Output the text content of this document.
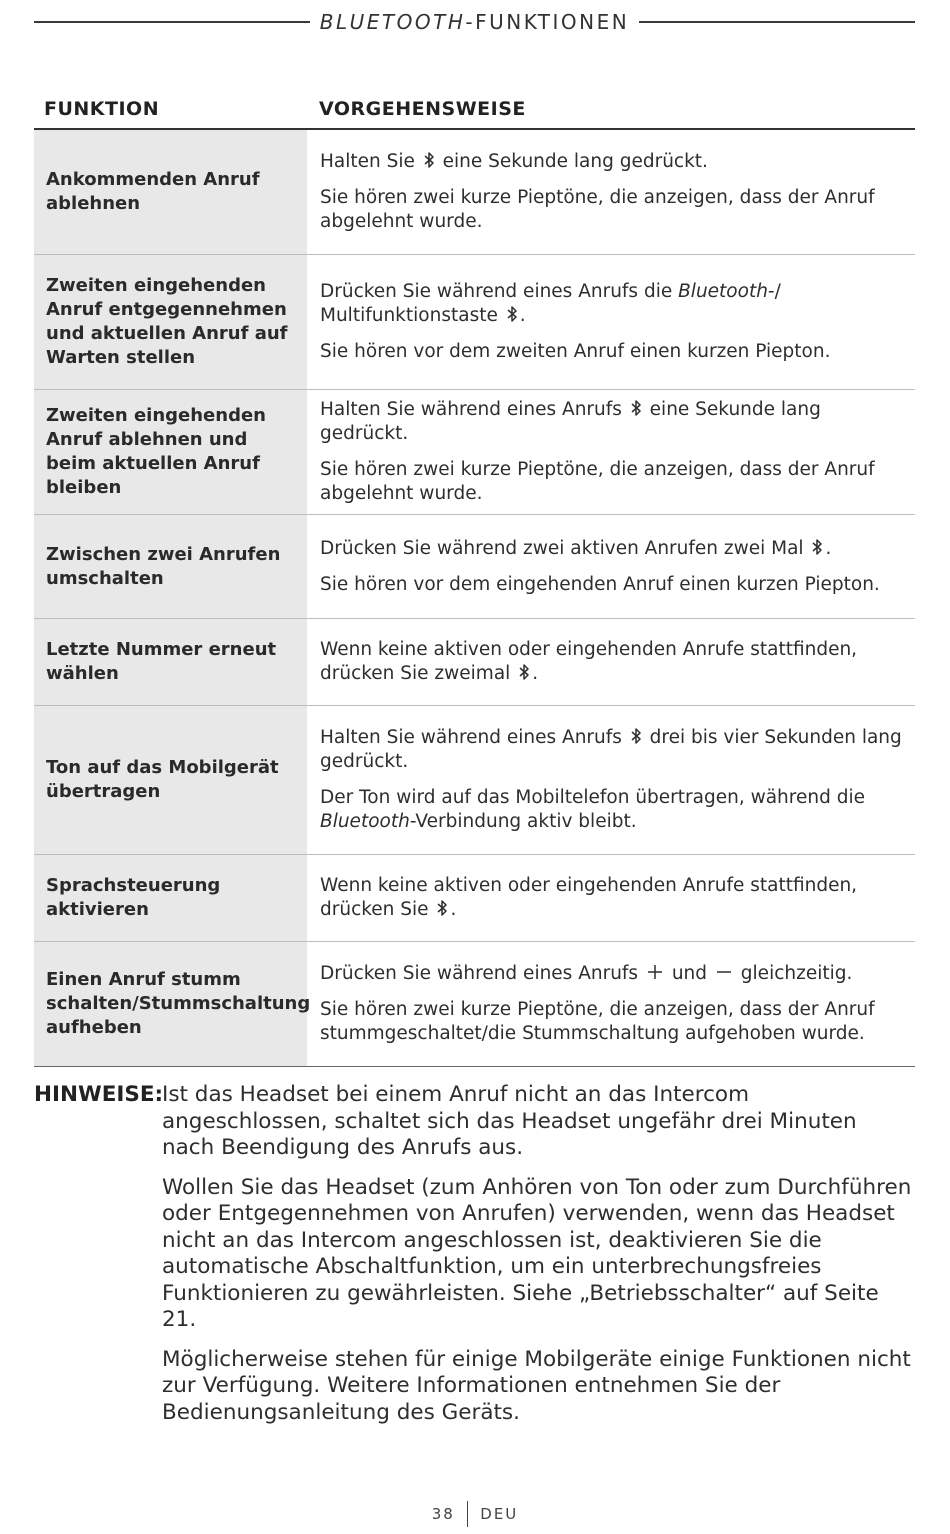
BLUETOOTH-FUNKTIONEN
FUNKTION	VORGEHENSWEISE
Ankommenden Anruf ablehnen

Halten Sie  eine Sekunde lang gedrückt.

Sie hören zwei kurze Pieptöne, die anzeigen, dass der Anruf abgelehnt wurde.

Zweiten eingehenden Anruf entgegennehmen und aktuellen Anruf auf Warten stellen

Drücken Sie während eines Anrufs die Bluetooth-/ Multifunktionstaste .

Sie hören vor dem zweiten Anruf einen kurzen Piepton.

Zweiten eingehenden Anruf ablehnen und beim aktuellen Anruf bleiben

Halten Sie während eines Anrufs  eine Sekunde lang gedrückt.

Sie hören zwei kurze Pieptöne, die anzeigen, dass der Anruf abgelehnt wurde.

Zwischen zwei Anrufen umschalten

Drücken Sie während zwei aktiven Anrufen zwei Mal .

Sie hören vor dem eingehenden Anruf einen kurzen Piepton.

Letzte Nummer erneut wählen

Wenn keine aktiven oder eingehenden Anrufe stattfinden, drücken Sie zweimal .

Ton auf das Mobilgerät übertragen

Halten Sie während eines Anrufs  drei bis vier Sekunden lang gedrückt.

Der Ton wird auf das Mobiltelefon übertragen, während die Bluetooth-Verbindung aktiv bleibt.

Sprachsteuerung aktivieren

Wenn keine aktiven oder eingehenden Anrufe stattfinden, drücken Sie .

Einen Anruf stumm schalten/Stummschaltung aufheben

Drücken Sie während eines Anrufs  und  gleichzeitig.

Sie hören zwei kurze Pieptöne, die anzeigen, dass der Anruf stummgeschaltet/die Stummschaltung aufgehoben wurde.

HINWEISE:

Ist das Headset bei einem Anruf nicht an das Intercom angeschlossen, schaltet sich das Headset ungefähr drei Minuten nach Beendigung des Anrufs aus.

Wollen Sie das Headset (zum Anhören von Ton oder zum Durchführen oder Entgegennehmen von Anrufen) verwenden, wenn das Headset nicht an das Intercom angeschlossen ist, deaktivieren Sie die automatische Abschaltfunktion, um ein unterbrechungsfreies Funktionieren zu gewährleisten. Siehe „Betriebsschalter“ auf Seite 21.

Möglicherweise stehen für einige Mobilgeräte einige Funktionen nicht zur Verfügung. Weitere Informationen entnehmen Sie der Bedienungsanleitung des Geräts.

38 DEU
